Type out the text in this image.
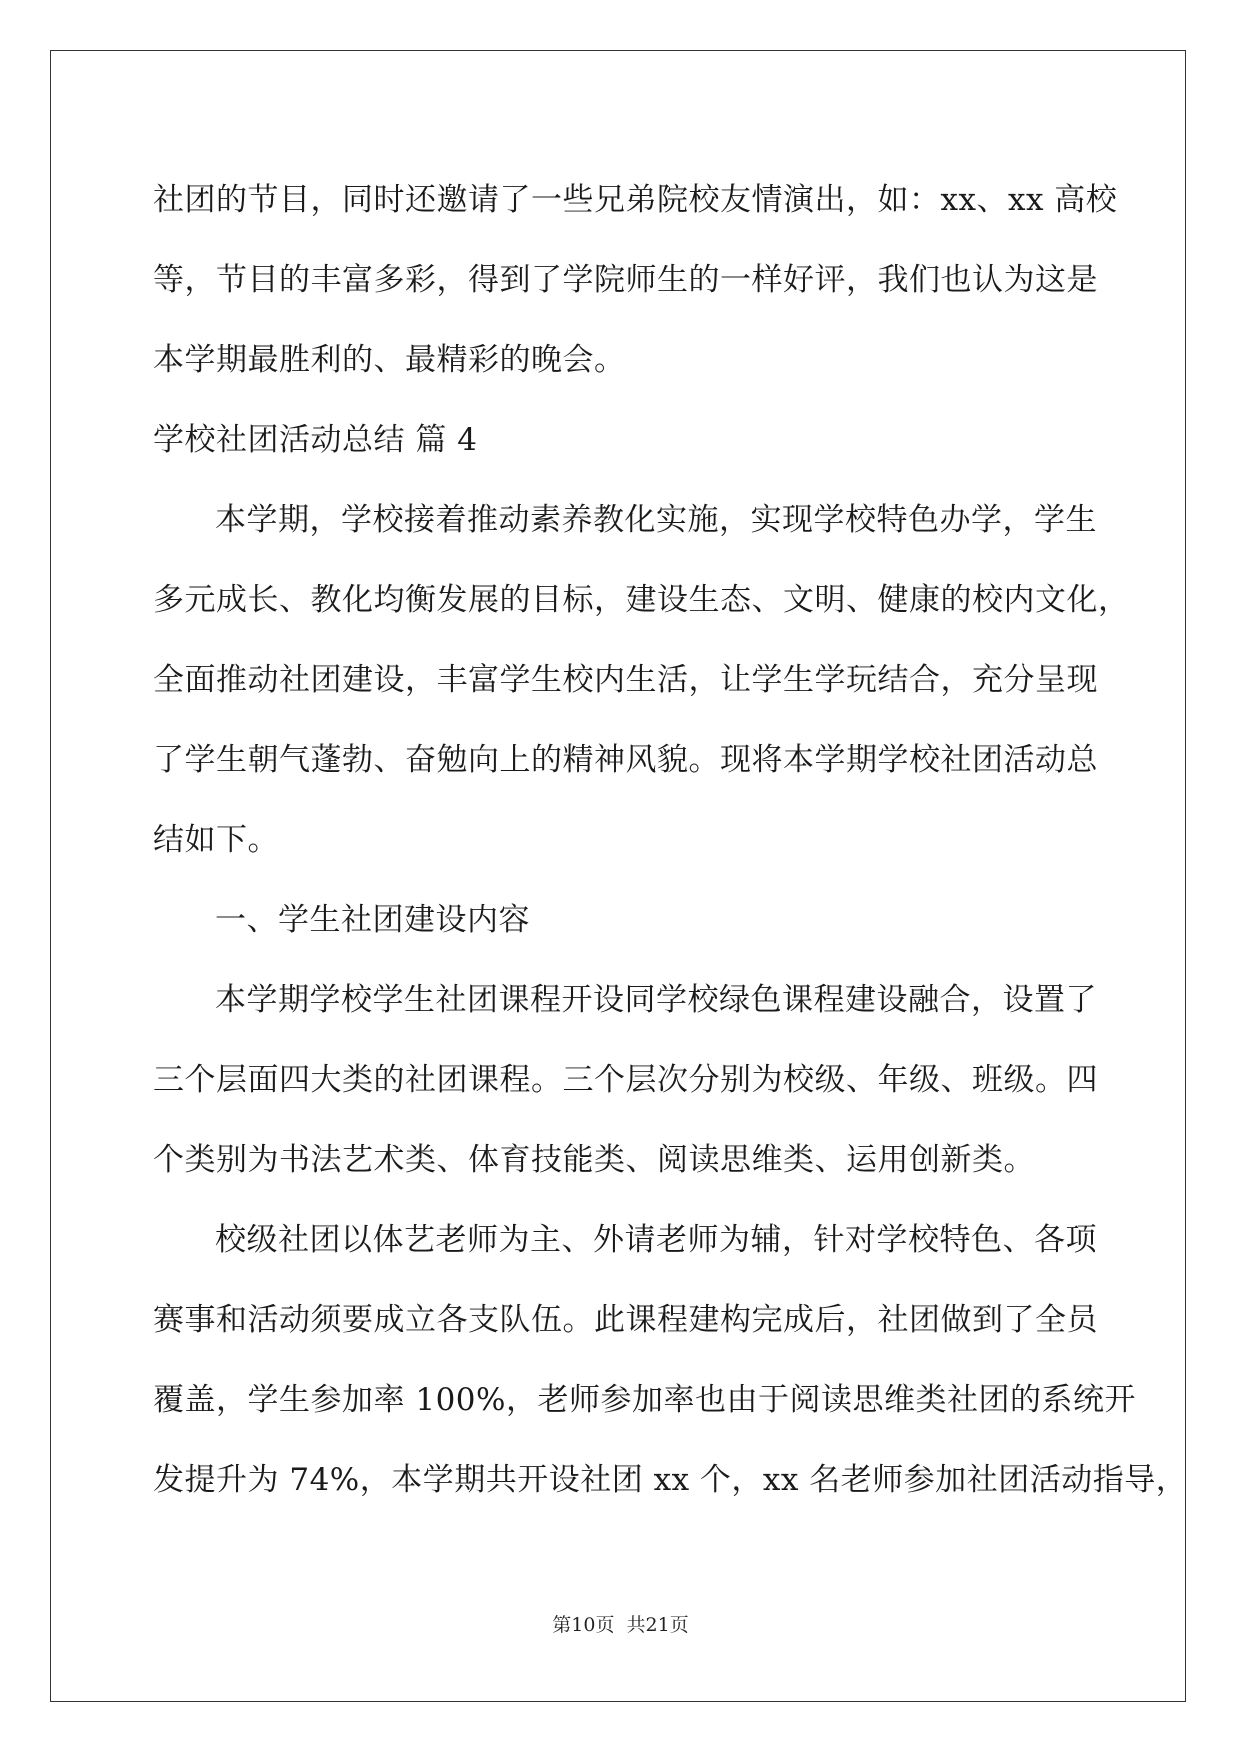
社团的节目，同时还邀请了一些兄弟院校友情演出，如：xx、xx 高校
等，节目的丰富多彩，得到了学院师生的一样好评，我们也认为这是
本学期最胜利的、最精彩的晚会。
学校社团活动总结 篇 4
本学期，学校接着推动素养教化实施，实现学校特色办学，学生
多元成长、教化均衡发展的目标，建设生态、文明、健康的校内文化，
全面推动社团建设，丰富学生校内生活，让学生学玩结合，充分呈现
了学生朝气蓬勃、奋勉向上的精神风貌。现将本学期学校社团活动总
结如下。
一、学生社团建设内容
本学期学校学生社团课程开设同学校绿色课程建设融合，设置了
三个层面四大类的社团课程。三个层次分别为校级、年级、班级。四
个类别为书法艺术类、体育技能类、阅读思维类、运用创新类。
校级社团以体艺老师为主、外请老师为辅，针对学校特色、各项
赛事和活动须要成立各支队伍。此课程建构完成后，社团做到了全员
覆盖，学生参加率 100%，老师参加率也由于阅读思维类社团的系统开
发提升为 74%，本学期共开设社团 xx 个，xx 名老师参加社团活动指导，
第10页 共21页
